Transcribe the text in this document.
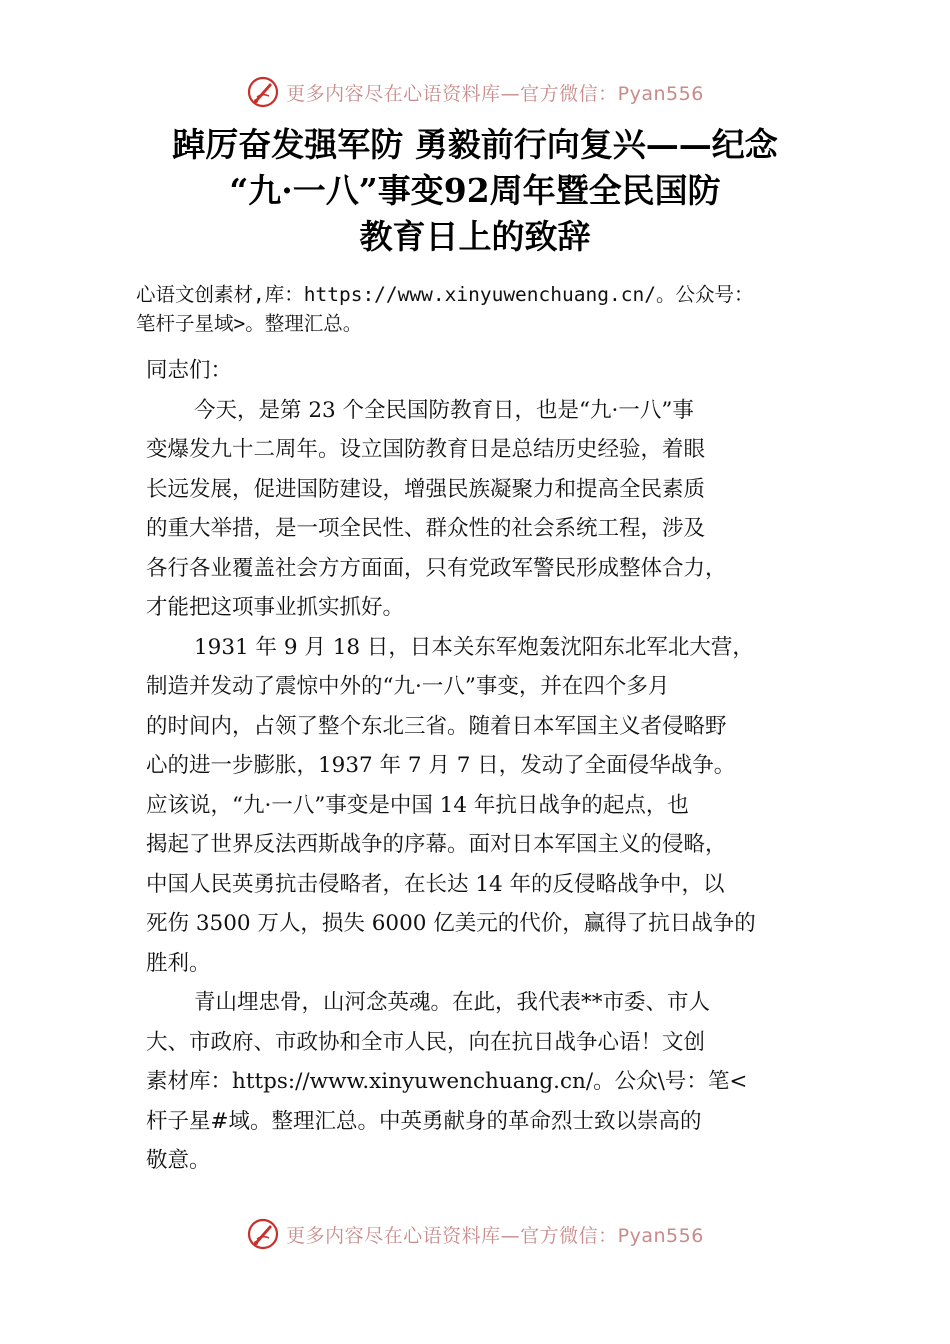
更多内容尽在心语资料库—官方微信：Pyan556
踔厉奋发强军防 勇毅前行向复兴——纪念
“九·一八”事变92周年暨全民国防
教育日上的致辞
心语文创素材,库：https://www.xinyuwenchuang.cn/。公众号：
笔杆子星域>。整理汇总。
同志们：
今天，是第 23 个全民国防教育日，也是“九·一八”事
变爆发九十二周年。设立国防教育日是总结历史经验，着眼
长远发展，促进国防建设，增强民族凝聚力和提高全民素质
的重大举措，是一项全民性、群众性的社会系统工程，涉及
各行各业覆盖社会方方面面，只有党政军警民形成整体合力，
才能把这项事业抓实抓好。
1931 年 9 月 18 日，日本关东军炮轰沈阳东北军北大营，
制造并发动了震惊中外的“九·一八”事变，并在四个多月
的时间内，占领了整个东北三省。随着日本军国主义者侵略野
心的进一步膨胀，1937 年 7 月 7 日，发动了全面侵华战争。
应该说，“九·一八”事变是中国 14 年抗日战争的起点，也
揭起了世界反法西斯战争的序幕。面对日本军国主义的侵略，
中国人民英勇抗击侵略者，在长达 14 年的反侵略战争中，以
死伤 3500 万人，损失 6000 亿美元的代价，赢得了抗日战争的
胜利。
青山埋忠骨，山河念英魂。在此，我代表**市委、市人
大、市政府、市政协和全市人民，向在抗日战争心语！文创
素材库：https://www.xinyuwenchuang.cn/。公众\号：笔<
杆子星#域。整理汇总。中英勇献身的革命烈士致以崇高的
敬意。
更多内容尽在心语资料库—官方微信：Pyan556
